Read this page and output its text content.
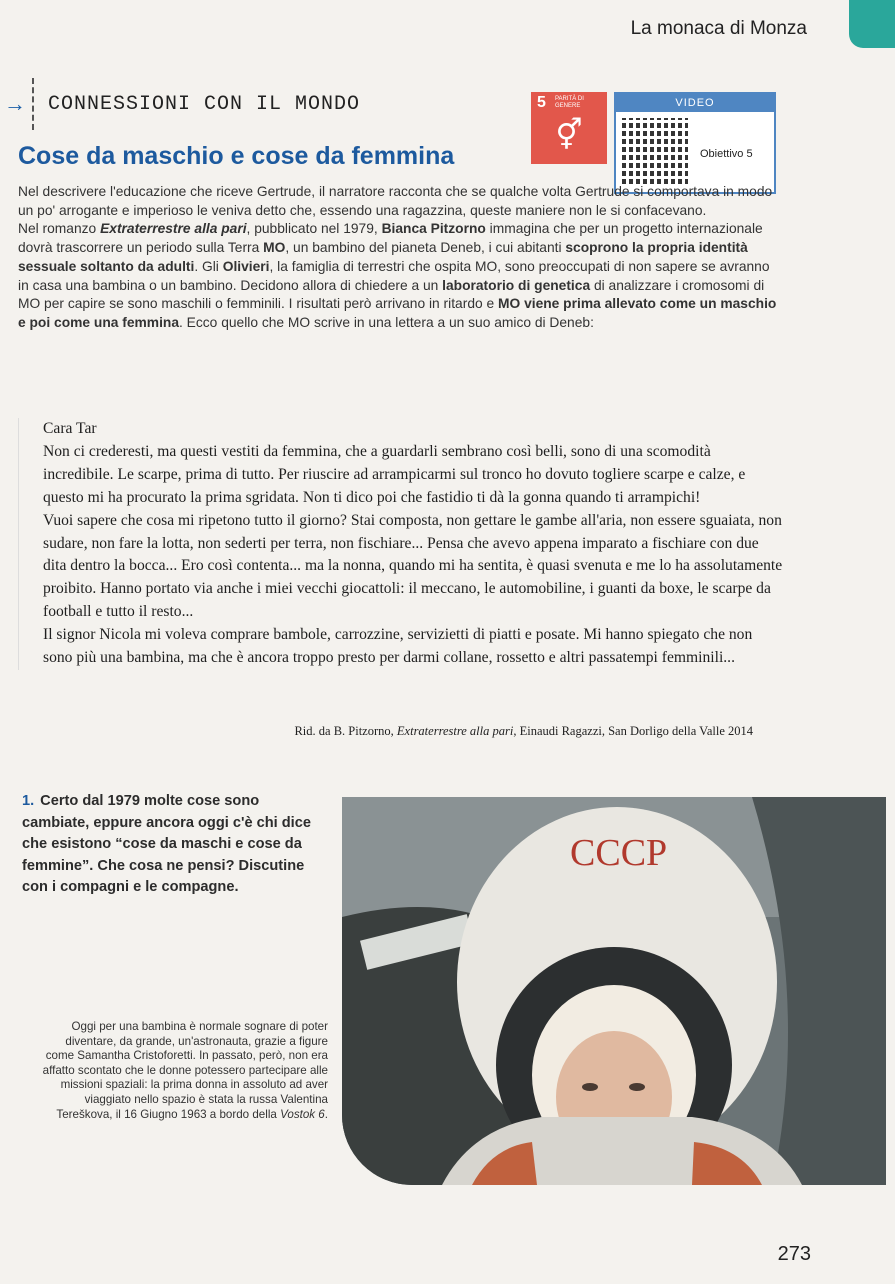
La monaca di Monza
→	CONNESSIONI CON IL MONDO	5 PARITÀ DI GENERE
⚥
VIDEO
Obiettivo 5
Cose da maschio e cose da femmina

Nel descrivere l'educazione che riceve Gertrude, il narratore racconta che se qualche volta Gertrude si comportava in modo un po' arrogante e imperioso le veniva detto che, essendo una ragazzina, queste maniere non le si confacevano.

Nel romanzo Extraterrestre alla pari, pubblicato nel 1979, Bianca Pitzorno immagina che per un progetto internazionale dovrà trascorrere un periodo sulla Terra MO, un bambino del pianeta Deneb, i cui abitanti scoprono la propria identità sessuale soltanto da adulti. Gli Olivieri, la famiglia di terrestri che ospita MO, sono preoccupati di non sapere se avranno in casa una bambina o un bambino. Decidono allora di chiedere a un laboratorio di genetica di analizzare i cromosomi di MO per capire se sono maschili o femminili. I risultati però arrivano in ritardo e MO viene prima allevato come un maschio e poi come una femmina. Ecco quello che MO scrive in una lettera a un suo amico di Deneb:

Cara Tar

Non ci crederesti, ma questi vestiti da femmina, che a guardarli sembrano così belli, sono di una scomodità incredibile. Le scarpe, prima di tutto. Per riuscire ad arrampicarmi sul tronco ho dovuto togliere scarpe e calze, e questo mi ha procurato la prima sgridata. Non ti dico poi che fastidio ti dà la gonna quando ti arrampichi!

Vuoi sapere che cosa mi ripetono tutto il giorno? Stai composta, non gettare le gambe all'aria, non essere sguaiata, non sudare, non fare la lotta, non sederti per terra, non fischiare... Pensa che avevo appena imparato a fischiare con due dita dentro la bocca... Ero così contenta... ma la nonna, quando mi ha sentita, è quasi svenuta e me lo ha assolutamente proibito. Hanno portato via anche i miei vecchi giocattoli: il meccano, le automobiline, i guanti da boxe, le scarpe da football e tutto il resto...

Il signor Nicola mi voleva comprare bambole, carrozzine, servizietti di piatti e posate. Mi hanno spiegato che non sono più una bambina, ma che è ancora troppo presto per darmi collane, rossetto e altri passatempi femminili...

Rid. da B. Pitzorno, Extraterrestre alla pari, Einaudi Ragazzi, San Dorligo della Valle 2014
1. Certo dal 1979 molte cose sono cambiate, eppure ancora oggi c'è chi dice che esistono “cose da maschi e cose da femmine”. Che cosa ne pensi? Discutine con i compagni e le compagne.
Oggi per una bambina è normale sognare di poter diventare, da grande, un'astronauta, grazie a figure come Samantha Cristoforetti. In passato, però, non era affatto scontato che le donne potessero partecipare alle missioni spaziali: la prima donna in assoluto ad aver viaggiato nello spazio è stata la russa Valentina Tereškova, il 16 Giugno 1963 a bordo della Vostok 6.
CCCP
273
